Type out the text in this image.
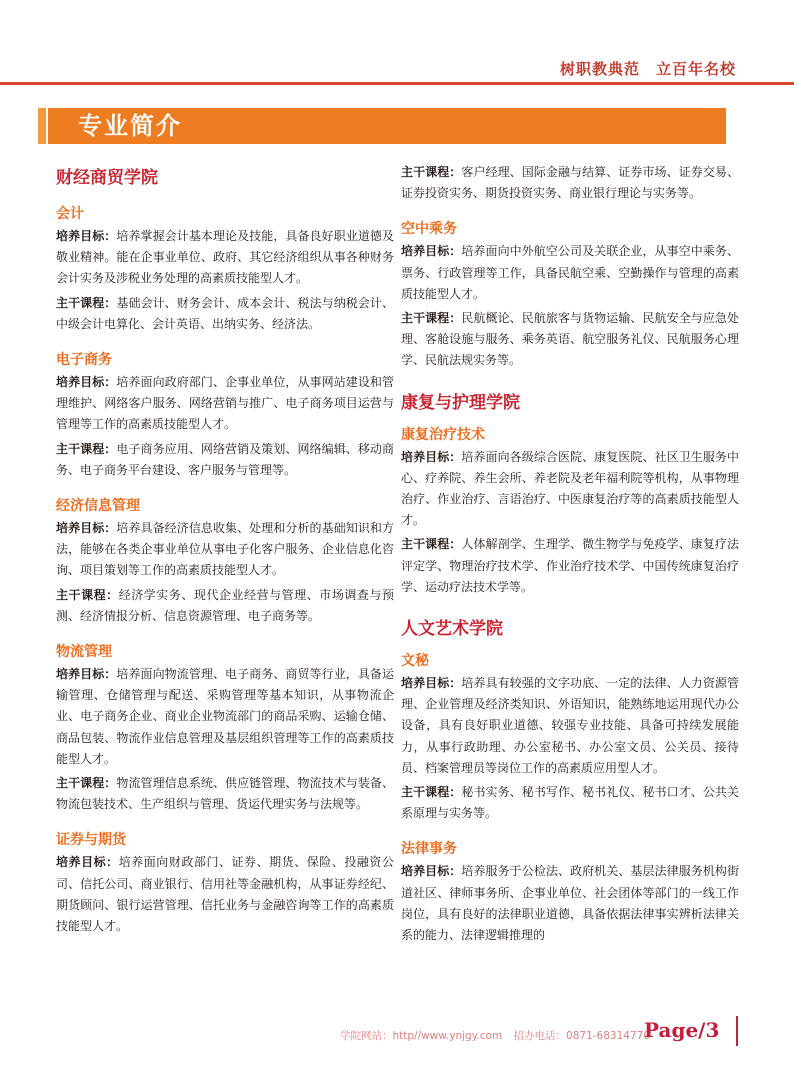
树职教典范　立百年名校
专业简介
财经商贸学院
会计

培养目标：培养掌握会计基本理论及技能，具备良好职业道德及敬业精神。能在企事业单位、政府、其它经济组织从事各种财务会计实务及涉税业务处理的高素质技能型人才。

主干课程：基础会计、财务会计、成本会计、税法与纳税会计、中级会计电算化、会计英语、出纳实务、经济法。

电子商务

培养目标：培养面向政府部门、企事业单位，从事网站建设和管理维护、网络客户服务、网络营销与推广、电子商务项目运营与管理等工作的高素质技能型人才。

主干课程：电子商务应用、网络营销及策划、网络编辑、移动商务、电子商务平台建设、客户服务与管理等。

经济信息管理

培养目标：培养具备经济信息收集、处理和分析的基础知识和方法，能够在各类企事业单位从事电子化客户服务、企业信息化咨询、项目策划等工作的高素质技能型人才。

主干课程：经济学实务、现代企业经营与管理、市场调查与预测、经济情报分析、信息资源管理、电子商务等。

物流管理

培养目标：培养面向物流管理、电子商务、商贸等行业，具备运输管理、仓储管理与配送、采购管理等基本知识，从事物流企业、电子商务企业、商业企业物流部门的商品采购、运输仓储、商品包装、物流作业信息管理及基层组织管理等工作的高素质技能型人才。

主干课程：物流管理信息系统、供应链管理、物流技术与装备、物流包装技术、生产组织与管理、货运代理实务与法规等。

证券与期货

培养目标：培养面向财政部门、证券、期货、保险、投融资公司、信托公司、商业银行、信用社等金融机构，从事证券经纪、期货顾问、银行运营管理、信托业务与金融咨询等工作的高素质技能型人才。

主干课程：客户经理、国际金融与结算、证券市场、证券交易、证券投资实务、期货投资实务、商业银行理论与实务等。

空中乘务

培养目标：培养面向中外航空公司及关联企业，从事空中乘务、票务、行政管理等工作，具备民航空乘、空勤操作与管理的高素质技能型人才。

主干课程：民航概论、民航旅客与货物运输、民航安全与应急处理、客舱设施与服务、乘务英语、航空服务礼仪、民航服务心理学、民航法规实务等。

康复与护理学院
康复治疗技术

培养目标：培养面向各级综合医院、康复医院、社区卫生服务中心、疗养院、养生会所、养老院及老年福利院等机构，从事物理治疗、作业治疗、言语治疗、中医康复治疗等的高素质技能型人才。

主干课程：人体解剖学、生理学、微生物学与免疫学、康复疗法评定学、物理治疗技术学、作业治疗技术学、中国传统康复治疗学、运动疗法技术学等。

人文艺术学院
文秘

培养目标：培养具有较强的文字功底、一定的法律、人力资源管理、企业管理及经济类知识、外语知识，能熟练地运用现代办公设备，具有良好职业道德、较强专业技能、具备可持续发展能力，从事行政助理、办公室秘书、办公室文员、公关员、接待员、档案管理员等岗位工作的高素质应用型人才。

主干课程：秘书实务、秘书写作、秘书礼仪、秘书口才、公共关系原理与实务等。

法律事务

培养目标：培养服务于公检法、政府机关、基层法律服务机构街道社区、律师事务所、企事业单位、社会团体等部门的一线工作岗位，具有良好的法律职业道德，具备依据法律事实辨析法律关系的能力、法律逻辑推理的

学院网站：http//www.ynjgy.com 招办电话：0871-68314770
Page/3
